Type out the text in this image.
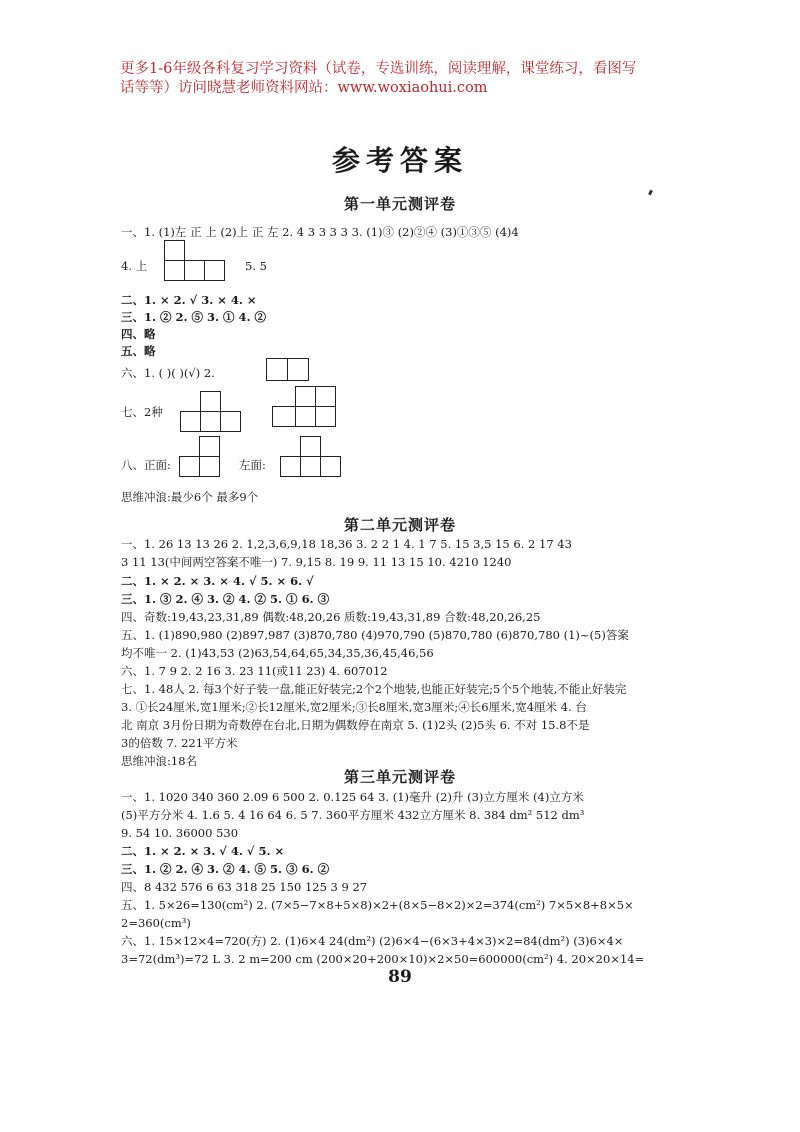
更多1-6年级各科复习学习资料（试卷，专选训练，阅读理解，课堂练习，看图写
话等等）访问晓慧老师资料网站：www.woxiaohui.com
参考答案
第一单元测评卷
一、1. (1)左 正 上 (2)上 正 左 2. 4 3 3 3 3 3. (1)③ (2)②④ (3)①③⑤ (4)4
4. 上	5. 5
二、1. × 2. √ 3. × 4. ×
三、1. ② 2. ⑤ 3. ① 4. ②
四、略
五、略
六、1. ( )( )(√) 2.
七、2种
八、正面:	左面:
思维冲浪:最少6个 最多9个
第二单元测评卷
一、1. 26 13 13 26 2. 1,2,3,6,9,18 18,36 3. 2 2 1 4. 1 7 5. 15 3,5 15 6. 2 17 43
3 11 13(中间两空答案不唯一) 7. 9,15 8. 19 9. 11 13 15 10. 4210 1240
二、1. × 2. × 3. × 4. √ 5. × 6. √
三、1. ③ 2. ④ 3. ② 4. ② 5. ① 6. ③
四、奇数:19,43,23,31,89 偶数:48,20,26 质数:19,43,31,89 合数:48,20,26,25
五、1. (1)890,980 (2)897,987 (3)870,780 (4)970,790 (5)870,780 (6)870,780 (1)~(5)答案
均不唯一 2. (1)43,53 (2)63,54,64,65,34,35,36,45,46,56
六、1. 7 9 2. 2 16 3. 23 11(或11 23) 4. 607012
七、1. 48人 2. 每3个好子装一盘,能正好装完;2个2个地装,也能正好装完;5个5个地装,不能止好装完
3. ①长24厘米,宽1厘米;②长12厘米,宽2厘米;③长8厘米,宽3厘米;④长6厘米,宽4厘米 4. 台
北 南京 3月份日期为奇数停在台北,日期为偶数停在南京 5. (1)2头 (2)5头 6. 不对 15.8不是
3的倍数 7. 221平方米
思维冲浪:18名
第三单元测评卷
一、1. 1020 340 360 2.09 6 500 2. 0.125 64 3. (1)毫升 (2)升 (3)立方厘米 (4)立方米
(5)平方分米 4. 1.6 5. 4 16 64 6. 5 7. 360平方厘米 432立方厘米 8. 384 dm² 512 dm³
9. 54 10. 36000 530
二、1. × 2. × 3. √ 4. √ 5. ×
三、1. ② 2. ④ 3. ② 4. ⑤ 5. ③ 6. ②
四、8 432 576 6 63 318 25 150 125 3 9 27
五、1. 5×26=130(cm²) 2. (7×5−7×8+5×8)×2+(8×5−8×2)×2=374(cm²) 7×5×8+8×5×
2=360(cm³)
六、1. 15×12×4=720(方) 2. (1)6×4 24(dm²) (2)6×4−(6×3+4×3)×2=84(dm²) (3)6×4×
3=72(dm³)=72 L 3. 2 m=200 cm (200×20+200×10)×2×50=600000(cm²) 4. 20×20×14=
89
